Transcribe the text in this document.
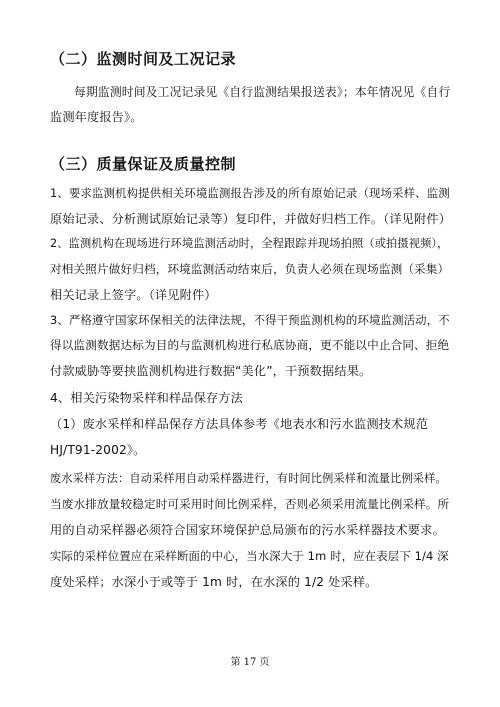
（二）监测时间及工况记录
每期监测时间及工况记录见《自行监测结果报送表》；本年情况见《自行
监测年度报告》。
（三）质量保证及质量控制
1、要求监测机构提供相关环境监测报告涉及的所有原始记录（现场采样、监测
原始记录、分析测试原始记录等）复印件，并做好归档工作。（详见附件）
2、监测机构在现场进行环境监测活动时，全程跟踪并现场拍照（或拍摄视频），
对相关照片做好归档，环境监测活动结束后，负责人必须在现场监测（采集）
相关记录上签字。（详见附件）
3、严格遵守国家环保相关的法律法规，不得干预监测机构的环境监测活动，不
得以监测数据达标为目的与监测机构进行私底协商，更不能以中止合同、拒绝
付款威胁等要挟监测机构进行数据“美化”，干预数据结果。
4、相关污染物采样和样品保存方法
（1）废水采样和样品保存方法具体参考《地表水和污水监测技术规范
HJ/T91-2002》。
废水采样方法：自动采样用自动采样器进行，有时间比例采样和流量比例采样。
当废水排放量较稳定时可采用时间比例采样，否则必须采用流量比例采样。所
用的自动采样器必须符合国家环境保护总局颁布的污水采样器技术要求。
实际的采样位置应在采样断面的中心，当水深大于 1m 时，应在表层下 1/4 深
度处采样；水深小于或等于 1m 时，在水深的 1/2 处采样。
第 17 页
